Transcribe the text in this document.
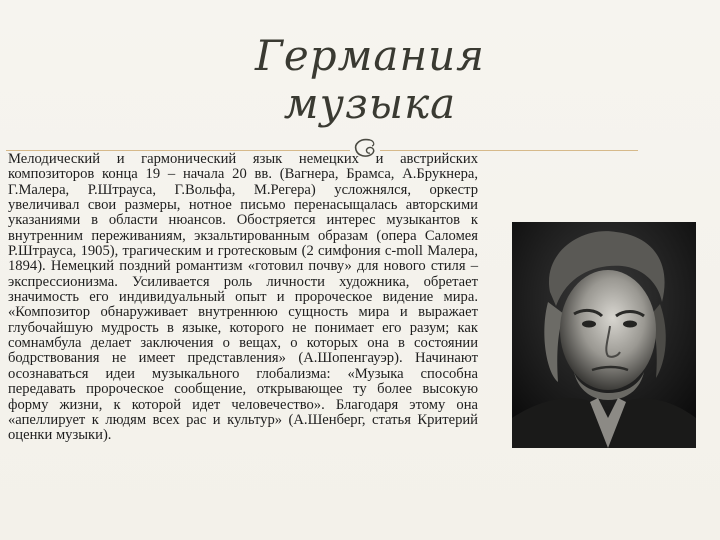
Германия
музыка

Мелодический и гармонический язык немецких и австрийских композиторов конца 19 – начала 20 вв. (Вагнера, Брамса, А.Брукнера, Г.Малера, Р.Штрауса, Г.Вольфа, М.Регера) усложнялся, оркестр увеличивал свои размеры, нотное письмо перенасыщалась авторскими указаниями в области нюансов. Обостряется интерес музыкантов к внутренним переживаниям, экзальтированным образам (опера Саломея Р.Штрауса, 1905), трагическим и гротесковым (2 симфония c-moll Малера, 1894). Немецкий поздний романтизм «готовил почву» для нового стиля – экспрессионизма. Усиливается роль личности художника, обретает значимость его индивидуальный опыт и пророческое видение мира. «Композитор обнаруживает внутреннюю сущность мира и выражает глубочайшую мудрость в языке, которого не понимает его разум; как сомнамбула делает заключения о вещах, о которых она в состоянии бодрствования не имеет представления» (А.Шопенгауэр). Начинают осознаваться идеи музыкального глобализма: «Музыка способна передавать пророческое сообщение, открывающее ту более высокую форму жизни, к которой идет человечество». Благодаря этому она «апеллирует к людям всех рас и культур» (А.Шенберг, статья Критерий оценки музыки).
